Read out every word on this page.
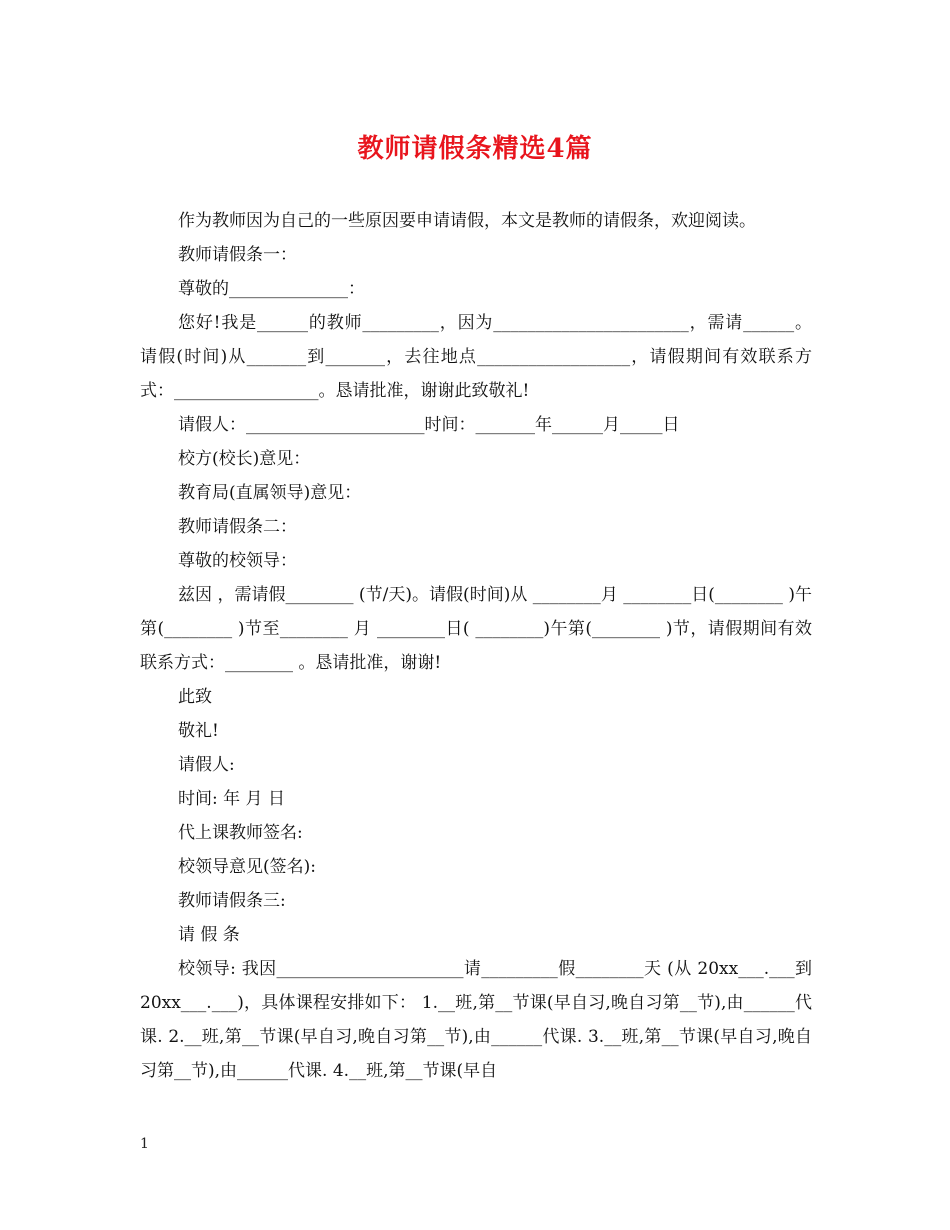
教师请假条精选4篇

作为教师因为自己的一些原因要申请请假，本文是教师的请假条，欢迎阅读。

教师请假条一：

尊敬的______________：

您好!我是______的教师_________，因为_______________________，需请______。请假(时间)从_______到_______，去往地点__________________，请假期间有效联系方式：_________________。恳请批准，谢谢此致敬礼!

请假人：_____________________时间：_______年______月_____日

校方(校长)意见：

教育局(直属领导)意见：

教师请假条二：

尊敬的校领导：

兹因 ，需请假________ (节/天)。请假(时间)从 ________月 ________日(________ )午第(________ )节至________ 月 ________日( ________)午第(________ )节，请假期间有效联系方式：________ 。恳请批准，谢谢!

此致

敬礼!

请假人:

时间: 年 月 日

代上课教师签名:

校领导意见(签名):

教师请假条三:

请 假 条

校领导: 我因______________________请_________假________天 (从 20xx___.___到 20xx___.___)，具体课程安排如下： 1.__班,第__节课(早自习,晚自习第__节),由______代课. 2.__班,第__节课(早自习,晚自习第__节),由______代课. 3.__班,第__节课(早自习,晚自习第__节),由______代课. 4.__班,第__节课(早自

1
